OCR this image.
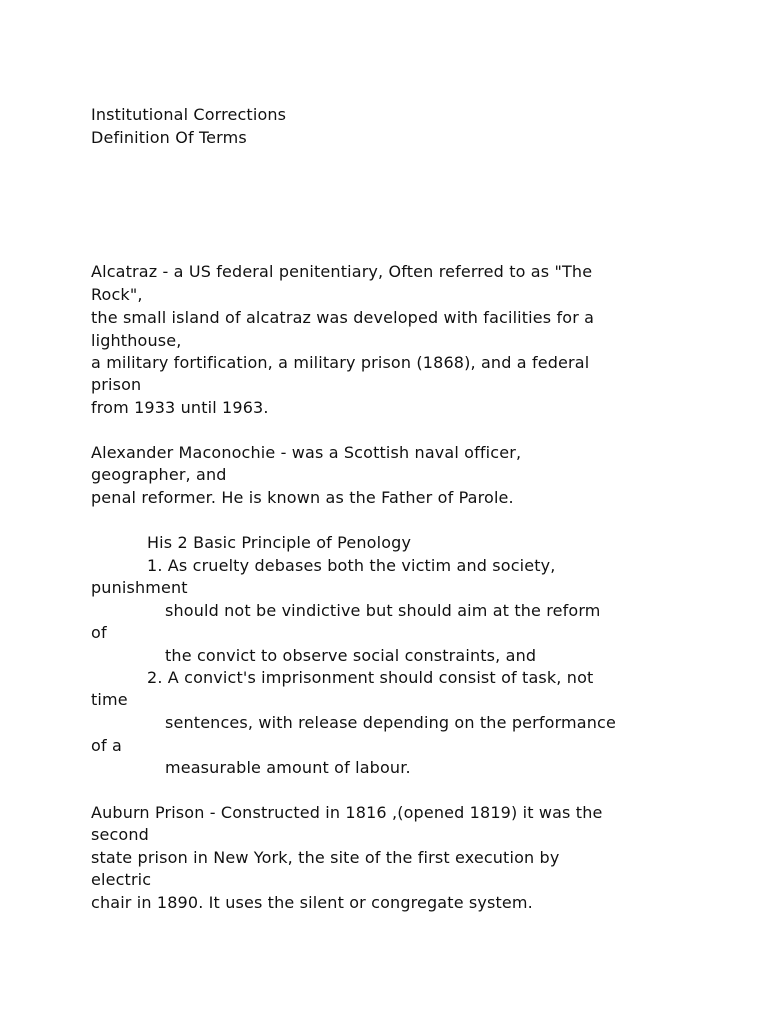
Institutional Corrections
Definition Of Terms
Alcatraz - a US federal penitentiary, Often referred to as "The
Rock",
the small island of alcatraz was developed with facilities for a
lighthouse,
a military fortification, a military prison (1868), and a federal
prison
from 1933 until 1963.
Alexander Maconochie - was a Scottish naval officer,
geographer, and
penal reformer. He is known as the Father of Parole.
His 2 Basic Principle of Penology
1. As cruelty debases both the victim and society,
punishment
should not be vindictive but should aim at the reform
of
the convict to observe social constraints, and
2. A convict's imprisonment should consist of task, not
time
sentences, with release depending on the performance
of a
measurable amount of labour.
Auburn Prison - Constructed in 1816 ,(opened 1819) it was the
second
state prison in New York, the site of the first execution by
electric
chair in 1890. It uses the silent or congregate system.
